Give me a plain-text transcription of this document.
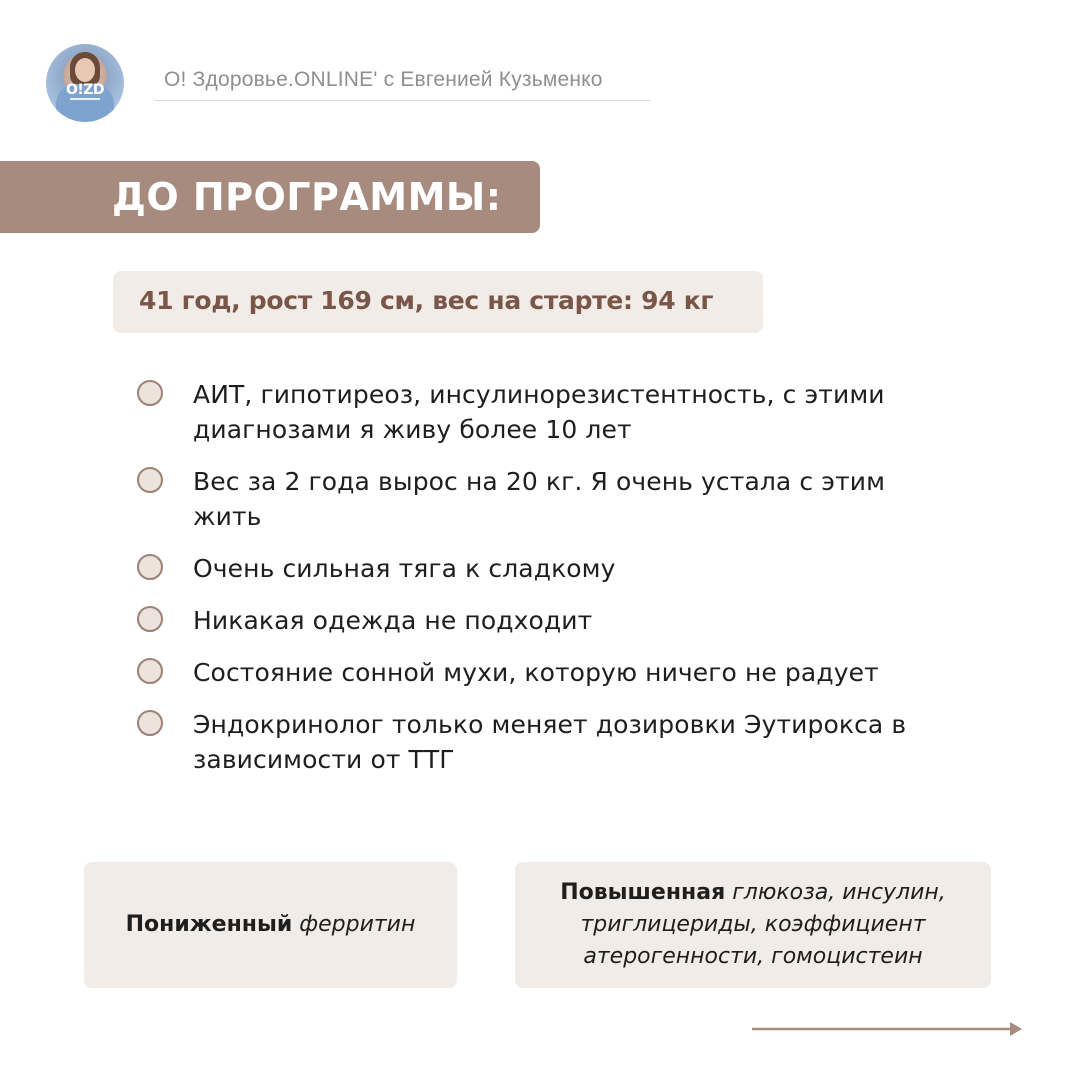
O!ZD	О! Здоровье.ONLINE' с Евгенией Кузьменко
ДО ПРОГРАММЫ:
41 год, рост 169 см, вес на старте: 94 кг
АИТ, гипотиреоз, инсулинорезистентность, с этими диагнозами я живу более 10 лет
Вес за 2 года вырос на 20 кг. Я очень устала с этим жить
Очень сильная тяга к сладкому
Никакая одежда не подходит
Состояние сонной мухи, которую ничего не радует
Эндокринолог только меняет дозировки Эутирокса в зависимости от ТТГ
Пониженный ферритин
Повышенная глюкоза, инсулин, триглицериды, коэффициент атерогенности, гомоцистеин
